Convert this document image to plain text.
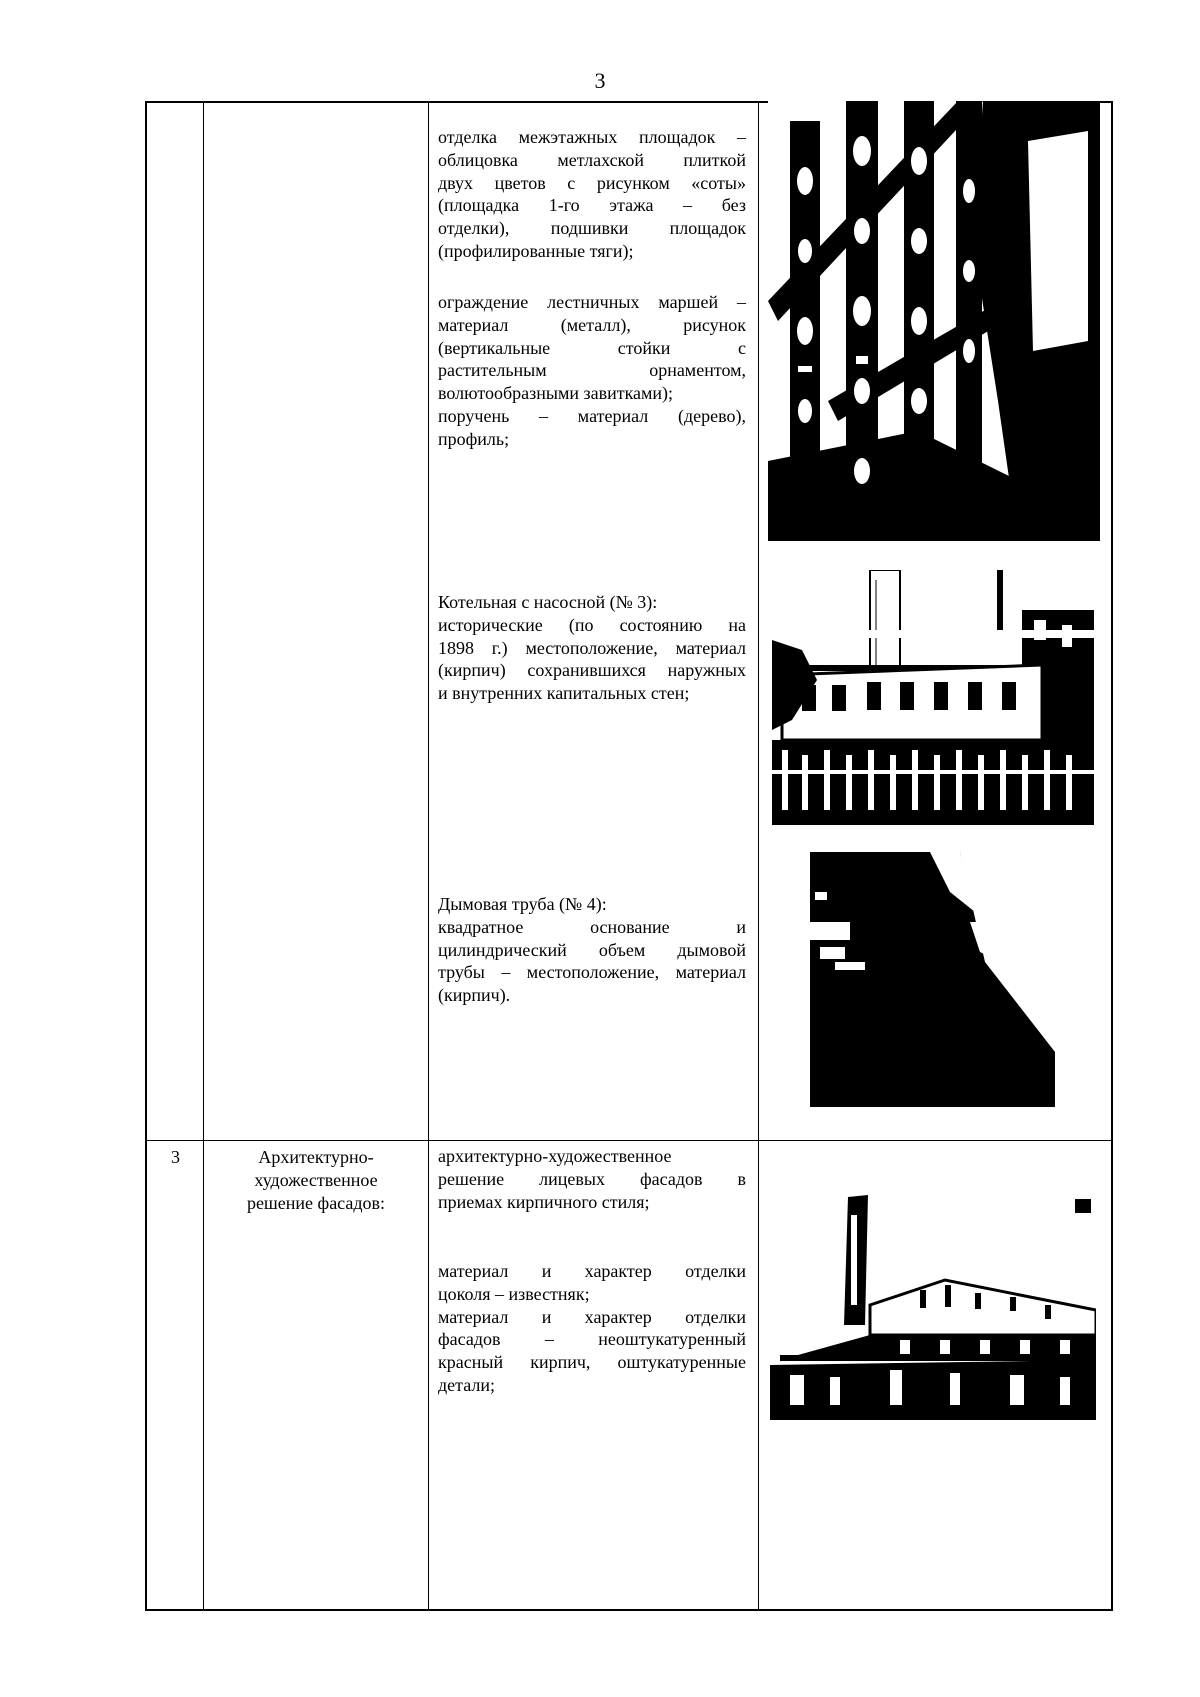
3
3	Архитектурно-
художественное
решение фасадов:
отделка межэтажных площадок –
облицовка метлахской плиткой
двух цветов с рисунком «соты»
(площадка 1-го этажа – без
отделки), подшивки площадок
(профилированные тяги);
ограждение лестничных маршей –
материал (металл), рисунок
(вертикальные стойки с
растительным орнаментом,
волютообразными завитками);
поручень – материал (дерево),
профиль;
Котельная с насосной (№ 3):
исторические (по состоянию на
1898 г.) местоположение, материал
(кирпич) сохранившихся наружных
и внутренних капитальных стен;
Дымовая труба (№ 4):
квадратное основание и
цилиндрический объем дымовой
трубы – местоположение, материал
(кирпич).
архитектурно-художественное
решение лицевых фасадов в
приемах кирпичного стиля;
материал и характер отделки
цоколя – известняк;
материал и характер отделки
фасадов – неоштукатуренный
красный кирпич, оштукатуренные
детали;
